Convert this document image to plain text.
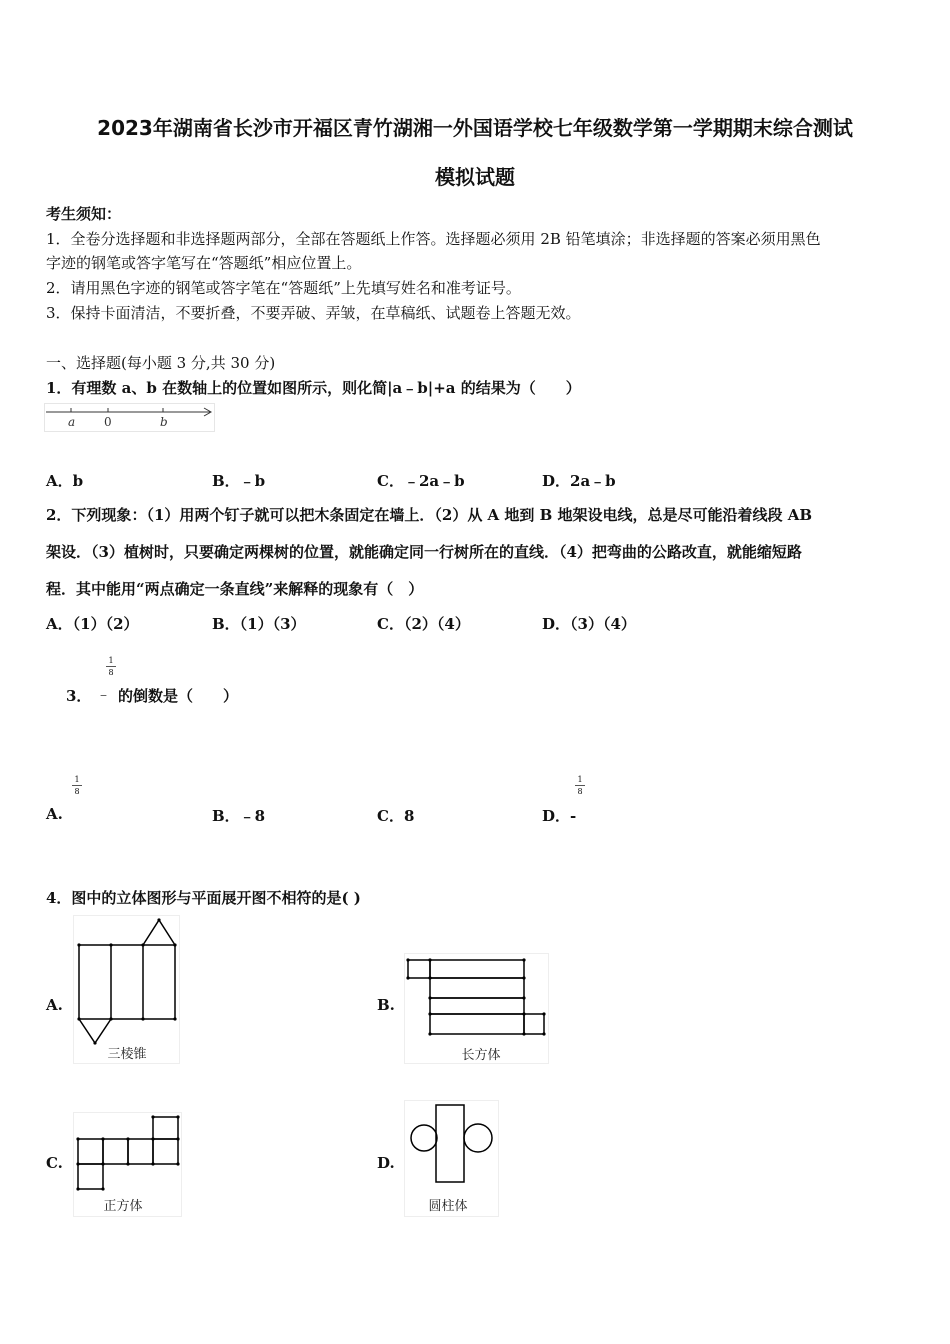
2023年湖南省长沙市开福区青竹湖湘一外国语学校七年级数学第一学期期末综合测试
模拟试题
考生须知：
1．全卷分选择题和非选择题两部分，全部在答题纸上作答。选择题必须用 2B 铅笔填涂；非选择题的答案必须用黑色
字迹的钢笔或答字笔写在“答题纸”相应位置上。
2．请用黑色字迹的钢笔或答字笔在“答题纸”上先填写姓名和准考证号。
3．保持卡面清洁，不要折叠，不要弄破、弄皱，在草稿纸、试题卷上答题无效。
一、选择题(每小题 3 分,共 30 分)
1．有理数 a、b 在数轴上的位置如图所示，则化简|a﹣b|+a 的结果为（　　）
a 0	b
A．b	B．﹣b	C．﹣2a﹣b	D．2a﹣b
2．下列现象：（1）用两个钉子就可以把木条固定在墙上．（2）从 A 地到 B 地架设电线，总是尽可能沿着线段 AB
架设．（3）植树时，只要确定两棵树的位置，就能确定同一行树所在的直线．（4）把弯曲的公路改直，就能缩短路
程．其中能用“两点确定一条直线”来解释的现象有（　）
A．（1）（2）	B．（1）（3）	C．（2）（4）	D．（3）（4）
3． ﹣
1
8
的倒数是（　　）
A.
1
8
B．﹣8	C．8	D．-
1
8
4．图中的立体图形与平面展开图不相符的是( )
A.
三棱锥
B.
长方体
C.
正方体
D.
圆柱体
